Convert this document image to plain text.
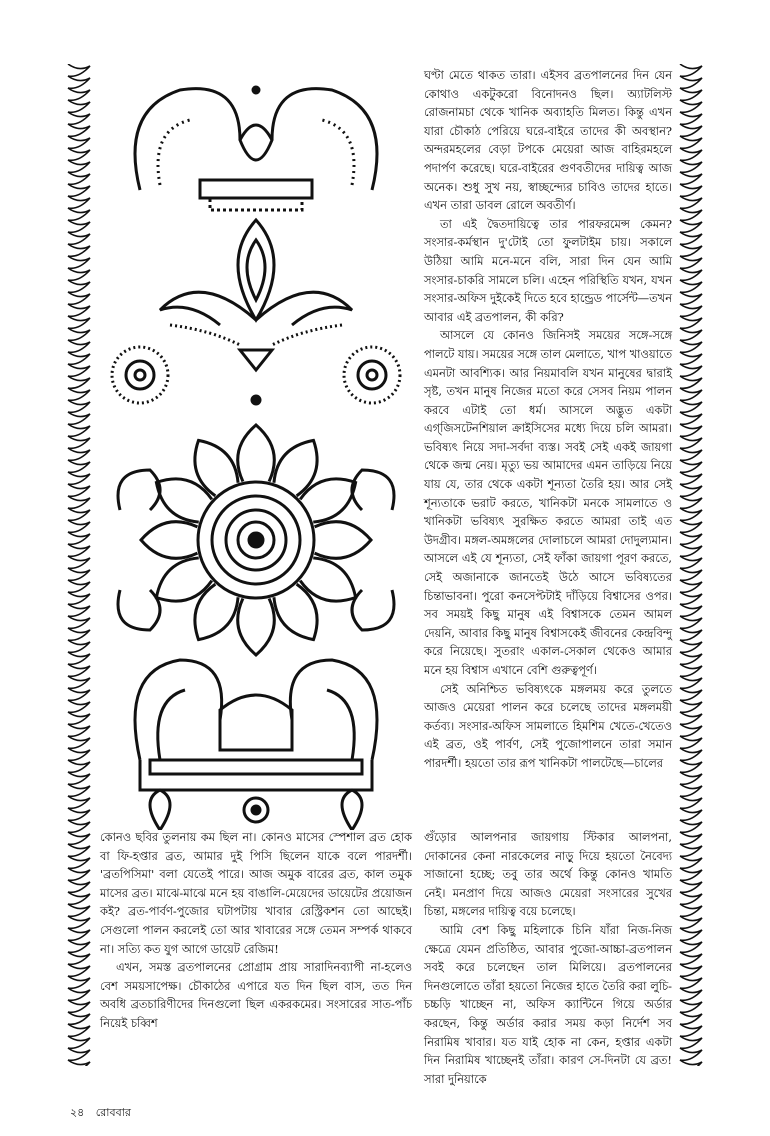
ঘণ্টা মেতে থাকত তারা। এইসব ব্রতপালনের দিন যেন কোথাও একটুকরো বিনোদনও ছিল। অ্যাটলিস্ট রোজনামচা থেকে খানিক অব্যাহতি মিলত। কিন্তু এখন যারা চৌকাঠ পেরিয়ে ঘরে-বাইরে তাদের কী অবস্থান? অন্দরমহলের বেড়া টপকে মেয়েরা আজ বাহিরমহলে পদার্পণ করেছে। ঘরে-বাইরের গুণবতীদের দায়িত্ব আজ অনেক। শুধু সুখ নয়, স্বাচ্ছন্দ্যের চাবিও তাদের হাতে। এখন তারা ডাবল রোলে অবতীর্ণ।

তা এই দ্বৈতদায়িত্বে তার পারফরমেন্স কেমন? সংসার-কর্মস্থান দু'টোই তো ফুলটাইম চায়। সকালে উঠিয়া আমি মনে-মনে বলি, সারা দিন যেন আমি সংসার-চাকরি সামলে চলি। এহেন পরিস্থিতি যখন, যখন সংসার-অফিস দুইকেই দিতে হবে হান্ড্রেড পার্সেন্ট—তখন আবার এই ব্রতপালন, কী করি?

আসলে যে কোনও জিনিসই সময়ের সঙ্গে-সঙ্গে পালটে যায়। সময়ের সঙ্গে তাল মেলাতে, খাপ খাওয়াতে এমনটা আবশ্যিক। আর নিয়মাবলি যখন মানুষের দ্বারাই সৃষ্ট, তখন মানুষ নিজের মতো করে সেসব নিয়ম পালন করবে এটাই তো ধর্ম। আসলে অদ্ভুত একটা এগ্‌জিসটেনশিয়াল ক্রাইসিসের মধ্যে দিয়ে চলি আমরা। ভবিষ্যৎ নিয়ে সদা-সর্বদা ব্যস্ত। সবই সেই একই জায়গা থেকে জন্ম নেয়। মৃত্যু ভয় আমাদের এমন তাড়িয়ে নিয়ে যায় যে, তার থেকে একটা শূন্যতা তৈরি হয়। আর সেই শূন্যতাকে ভরাট করতে, খানিকটা মনকে সামলাতে ও খানিকটা ভবিষ্যৎ সুরক্ষিত করতে আমরা তাই এত উদগ্রীব। মঙ্গল-অমঙ্গলের দোলাচলে আমরা দোদুল্যমান। আসলে এই যে শূন্যতা, সেই ফাঁকা জায়গা পূরণ করতে, সেই অজানাকে জানতেই উঠে আসে ভবিষ্যতের চিন্তাভাবনা। পুরো কনসেপ্টটাই দাঁড়িয়ে বিশ্বাসের ওপর। সব সময়ই কিছু মানুষ এই বিশ্বাসকে তেমন আমল দেয়নি, আবার কিছু মানুষ বিশ্বাসকেই জীবনের কেন্দ্রবিন্দু করে নিয়েছে। সুতরাং একাল-সেকাল থেকেও আমার মনে হয় বিশ্বাস এখানে বেশি গুরুত্বপূর্ণ।

সেই অনিশ্চিত ভবিষ্যৎকে মঙ্গলময় করে তুলতে আজও মেয়েরা পালন করে চলেছে তাদের মঙ্গলময়ী কর্তব্য। সংসার-অফিস সামলাতে হিমশিম খেতে-খেতেও এই ব্রত, ওই পার্বণ, সেই পুজোপালনে তারা সমান পারদর্শী। হয়তো তার রূপ খানিকটা পালটেছে—চালের

কোনও ছবির তুলনায় কম ছিল না। কোনও মাসের স্পেশাল ব্রত হোক বা ফি-হপ্তার ব্রত, আমার দুই পিসি ছিলেন যাকে বলে পারদর্শী। 'ব্রতপিসিমা' বলা যেতেই পারে। আজ অমুক বারের ব্রত, কাল তমুক মাসের ব্রত। মাঝে-মাঝে মনে হয় বাঙালি-মেয়েদের ডায়েটের প্রয়োজন কই? ব্রত-পার্বণ-পুজোর ঘটাপটায় খাবার রেস্ট্রিকশন তো আছেই। সেগুলো পালন করলেই তো আর খাবারের সঙ্গে তেমন সম্পর্ক থাকবে না। সত্যি কত যুগ আগে ডায়েট রেজিম!

এখন, সমস্ত ব্রতপালনের প্রোগ্রাম প্রায় সারাদিনব্যাপী না-হলেও বেশ সময়সাপেক্ষ। চৌকাঠের এপারে যত দিন ছিল বাস, তত দিন অবধি ব্রতচারিণীদের দিনগুলো ছিল একরকমের। সংসারের সাত-পাঁচ নিয়েই চব্বিশ

গুঁড়োর আলপনার জায়গায় স্টিকার আলপনা, দোকানের কেনা নারকেলের নাড়ু দিয়ে হয়তো নৈবেদ্য সাজানো হচ্ছে; তবু তার অর্থে কিন্তু কোনও খামতি নেই। মনপ্রাণ দিয়ে আজও মেয়েরা সংসারের সুখের চিন্তা, মঙ্গলের দায়িত্ব বয়ে চলেছে।

আমি বেশ কিছু মহিলাকে চিনি যাঁরা নিজ-নিজ ক্ষেত্রে যেমন প্রতিষ্ঠিত, আবার পুজো-আচ্চা-ব্রতপালন সবই করে চলেছেন তাল মিলিয়ে। ব্রতপালনের দিনগুলোতে তাঁরা হয়তো নিজের হাতে তৈরি করা লুচি-চচ্চড়ি খাচ্ছেন না, অফিস ক্যান্টিনে গিয়ে অর্ডার করছেন, কিন্তু অর্ডার করার সময় কড়া নির্দেশ সব নিরামিষ খাবার। যত যাই হোক না কেন, হপ্তার একটা দিন নিরামিষ খাচ্ছেনই তাঁরা। কারণ সে-দিনটা যে ব্রত! সারা দুনিয়াকে

২৪ রোববার
